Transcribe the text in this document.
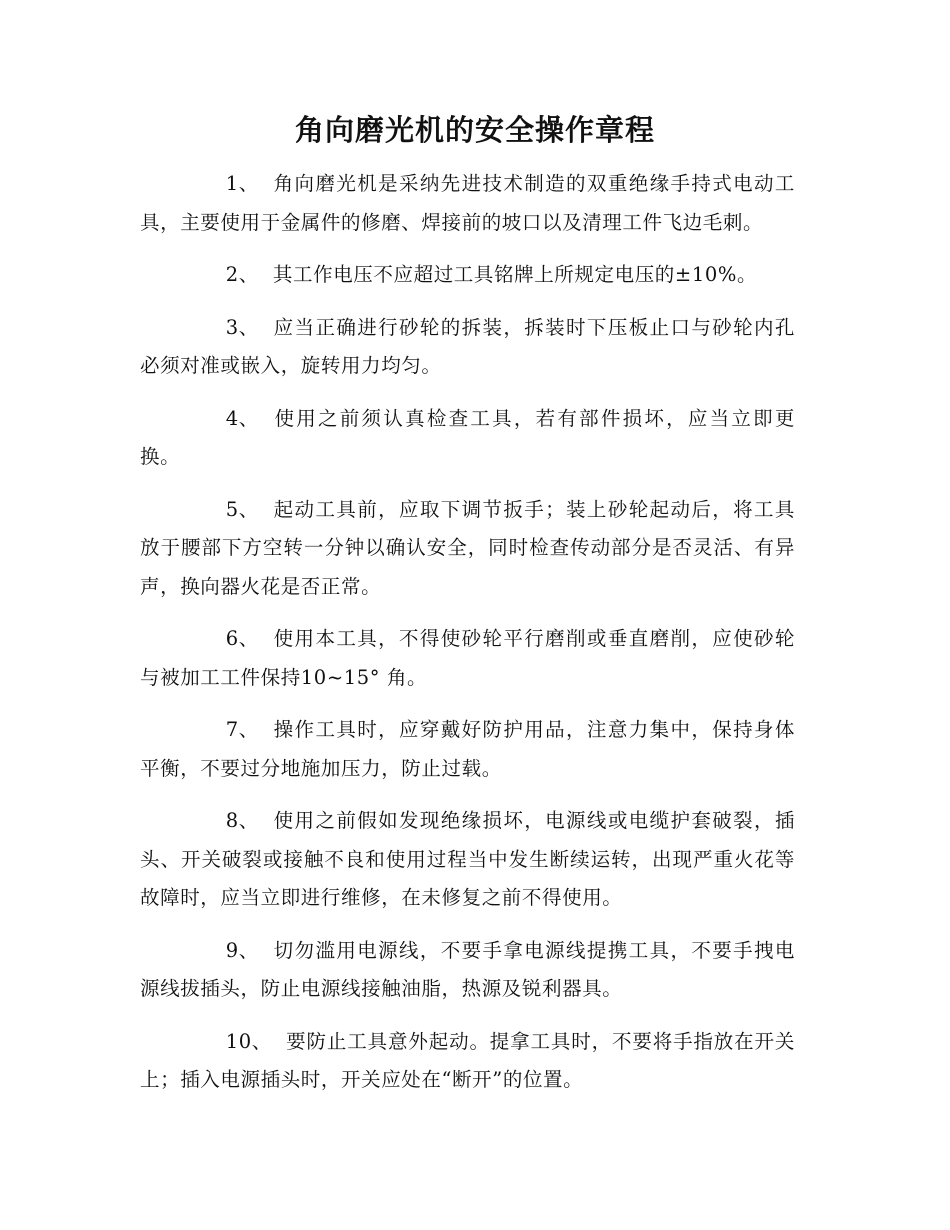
角向磨光机的安全操作章程

1、 角向磨光机是采纳先进技术制造的双重绝缘手持式电动工具，主要使用于金属件的修磨、焊接前的坡口以及清理工件飞边毛刺。

2、 其工作电压不应超过工具铭牌上所规定电压的±10%。

3、 应当正确进行砂轮的拆装，拆装时下压板止口与砂轮内孔必须对准或嵌入，旋转用力均匀。

4、 使用之前须认真检查工具，若有部件损坏，应当立即更换。

5、 起动工具前，应取下调节扳手；装上砂轮起动后，将工具放于腰部下方空转一分钟以确认安全，同时检查传动部分是否灵活、有异声，换向器火花是否正常。

6、 使用本工具，不得使砂轮平行磨削或垂直磨削，应使砂轮与被加工工件保持10~15° 角。

7、 操作工具时，应穿戴好防护用品，注意力集中，保持身体平衡，不要过分地施加压力，防止过载。

8、 使用之前假如发现绝缘损坏，电源线或电缆护套破裂，插头、开关破裂或接触不良和使用过程当中发生断续运转，出现严重火花等故障时，应当立即进行维修，在未修复之前不得使用。

9、 切勿滥用电源线，不要手拿电源线提携工具，不要手拽电源线拔插头，防止电源线接触油脂，热源及锐利器具。

10、 要防止工具意外起动。提拿工具时，不要将手指放在开关上；插入电源插头时，开关应处在“断开”的位置。
